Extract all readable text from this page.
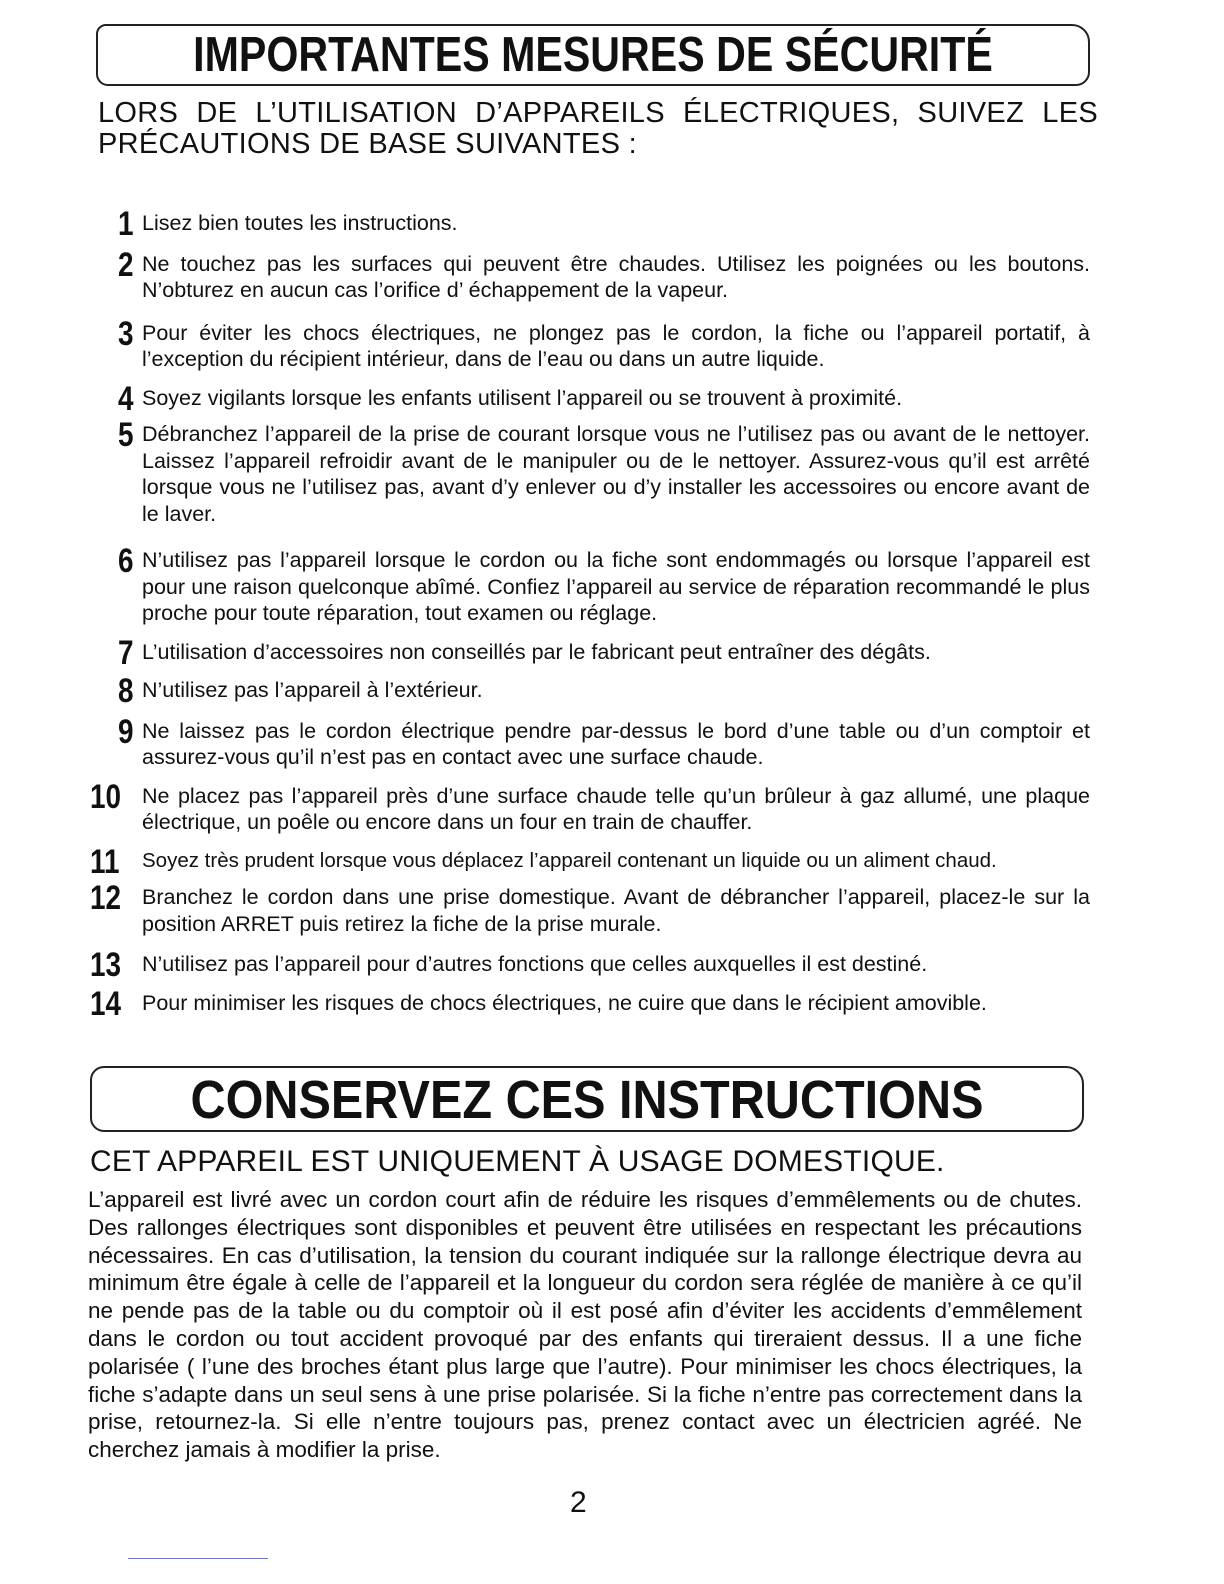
IMPORTANTES MESURES DE SÉCURITÉ
LORS DE L’UTILISATION D’APPAREILS ÉLECTRIQUES, SUIVEZ LES PRÉCAUTIONS DE BASE SUIVANTES :
1 Lisez bien toutes les instructions.
2 Ne touchez pas les surfaces qui peuvent être chaudes. Utilisez les poignées ou les boutons. N’obturez en aucun cas l’orifice d’ échappement de la vapeur.
3 Pour éviter les chocs électriques, ne plongez pas le cordon, la fiche ou l’appareil portatif, à l’exception du récipient intérieur, dans de l’eau ou dans un autre liquide.
4 Soyez vigilants lorsque les enfants utilisent l’appareil ou se trouvent à proximité.
5 Débranchez l’appareil de la prise de courant lorsque vous ne l’utilisez pas ou avant de le nettoyer. Laissez l’appareil refroidir avant de le manipuler ou de le nettoyer. Assurez-vous qu’il est arrêté lorsque vous ne l’utilisez pas, avant d’y enlever ou d’y installer les accessoires ou encore avant de le laver.
6 N’utilisez pas l’appareil lorsque le cordon ou la fiche sont endommagés ou lorsque l’appareil est pour une raison quelconque abîmé. Confiez l’appareil au service de réparation recommandé le plus proche pour toute réparation, tout examen ou réglage.
7 L’utilisation d’accessoires non conseillés par le fabricant peut entraîner des dégâts.
8 N’utilisez pas l’appareil à l’extérieur.
9 Ne laissez pas le cordon électrique pendre par-dessus le bord d’une table ou d’un comptoir et assurez-vous qu’il n’est pas en contact avec une surface chaude.
10 Ne placez pas l’appareil près d’une surface chaude telle qu’un brûleur à gaz allumé, une plaque électrique, un poêle ou encore dans un four en train de chauffer.
11 Soyez très prudent lorsque vous déplacez l’appareil contenant un liquide ou un aliment chaud.
12 Branchez le cordon dans une prise domestique. Avant de débrancher l’appareil, placez-le sur la position ARRET puis retirez la fiche de la prise murale.
13 N’utilisez pas l’appareil pour d’autres fonctions que celles auxquelles il est destiné.
14 Pour minimiser les risques de chocs électriques, ne cuire que dans le récipient amovible.
CONSERVEZ CES INSTRUCTIONS
CET APPAREIL EST UNIQUEMENT À USAGE DOMESTIQUE.
L’appareil est livré avec un cordon court afin de réduire les risques d’emmêlements ou de chutes. Des rallonges électriques sont disponibles et peuvent être utilisées en respectant les précautions nécessaires. En cas d’utilisation, la tension du courant indiquée sur la rallonge électrique devra au minimum être égale à celle de l’appareil et la longueur du cordon sera réglée de manière à ce qu’il ne pende pas de la table ou du comptoir où il est posé afin d’éviter les accidents d’emmêlement dans le cordon ou tout accident provoqué par des enfants qui tireraient dessus. Il a une fiche polarisée ( l’une des broches étant plus large que l’autre). Pour minimiser les chocs électriques, la fiche s’adapte dans un seul sens à une prise polarisée. Si la fiche n’entre pas correctement dans la prise, retournez-la. Si elle n’entre toujours pas, prenez contact avec un électricien agréé. Ne cherchez jamais à modifier la prise.
2
